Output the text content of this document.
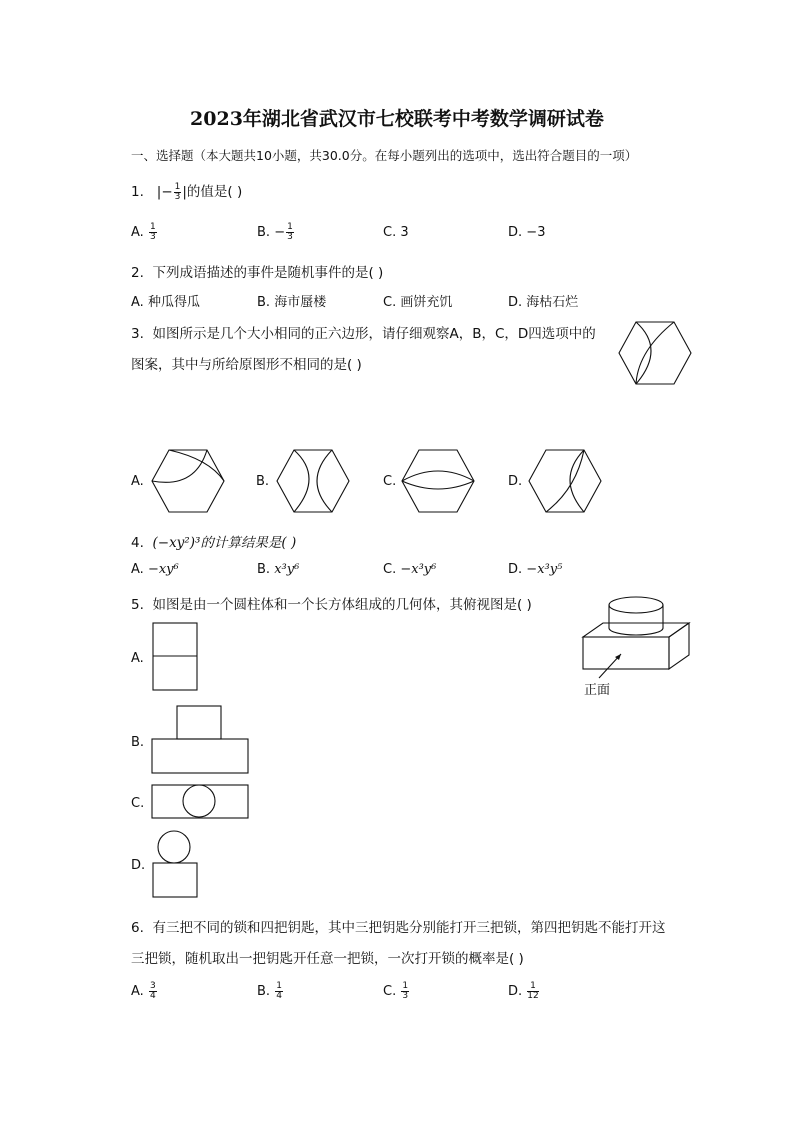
2023年湖北省武汉市七校联考中考数学调研试卷
一、选择题（本大题共10小题，共30.0分。在每小题列出的选项中，选出符合题目的一项）
1. |− $\frac{1}{3}$ |的值是( )
A. $\frac{1}{3}$	B. − $\frac{1}{3}$	C. 3	D. −3
2. 下列成语描述的事件是随机事件的是( )
A. 种瓜得瓜	B. 海市蜃楼	C. 画饼充饥	D. 海枯石烂
3. 如图所示是几个大小相同的正六边形，请仔细观察A，B，C，D四选项中的
图案，其中与所给原图形不相同的是( )
A.	B.	C.	D.
4. (−xy²)³的计算结果是( )
A. −xy⁶	B. x³y⁶	C. −x³y⁶	D. −x³y⁵
5. 如图是由一个圆柱体和一个长方体组成的几何体，其俯视图是( )
正面
A.
B.
C.
D.
6. 有三把不同的锁和四把钥匙，其中三把钥匙分别能打开三把锁，第四把钥匙不能打开这
三把锁，随机取出一把钥匙开任意一把锁，一次打开锁的概率是( )
A. $\frac{3}{4}$	B. $\frac{1}{4}$	C. $\frac{1}{3}$	D. $\frac{1}{12}$
